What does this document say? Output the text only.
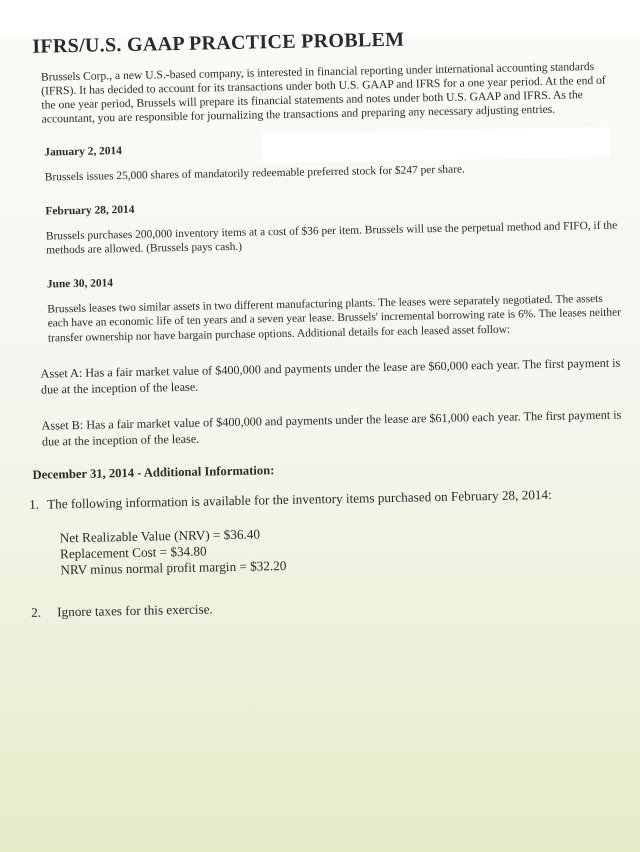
IFRS/U.S. GAAP PRACTICE PROBLEM
Brussels Corp., a new U.S.-based company, is interested in financial reporting under international accounting standards (IFRS). It has decided to account for its transactions under both U.S. GAAP and IFRS for a one year period. At the end of the one year period, Brussels will prepare its financial statements and notes under both U.S. GAAP and IFRS. As the accountant, you are responsible for journalizing the transactions and preparing any necessary adjusting entries.
January 2, 2014
Brussels issues 25,000 shares of mandatorily redeemable preferred stock for $247 per share.
February 28, 2014
Brussels purchases 200,000 inventory items at a cost of $36 per item. Brussels will use the perpetual method and FIFO, if the methods are allowed. (Brussels pays cash.)
June 30, 2014
Brussels leases two similar assets in two different manufacturing plants. The leases were separately negotiated. The assets each have an economic life of ten years and a seven year lease. Brussels' incremental borrowing rate is 6%. The leases neither transfer ownership nor have bargain purchase options. Additional details for each leased asset follow:
Asset A: Has a fair market value of $400,000 and payments under the lease are $60,000 each year. The first payment is due at the inception of the lease.
Asset B: Has a fair market value of $400,000 and payments under the lease are $61,000 each year. The first payment is due at the inception of the lease.
December 31, 2014 - Additional Information:
1. The following information is available for the inventory items purchased on February 28, 2014:
Net Realizable Value (NRV) = $36.40
Replacement Cost = $34.80
NRV minus normal profit margin = $32.20
2.	Ignore taxes for this exercise.
